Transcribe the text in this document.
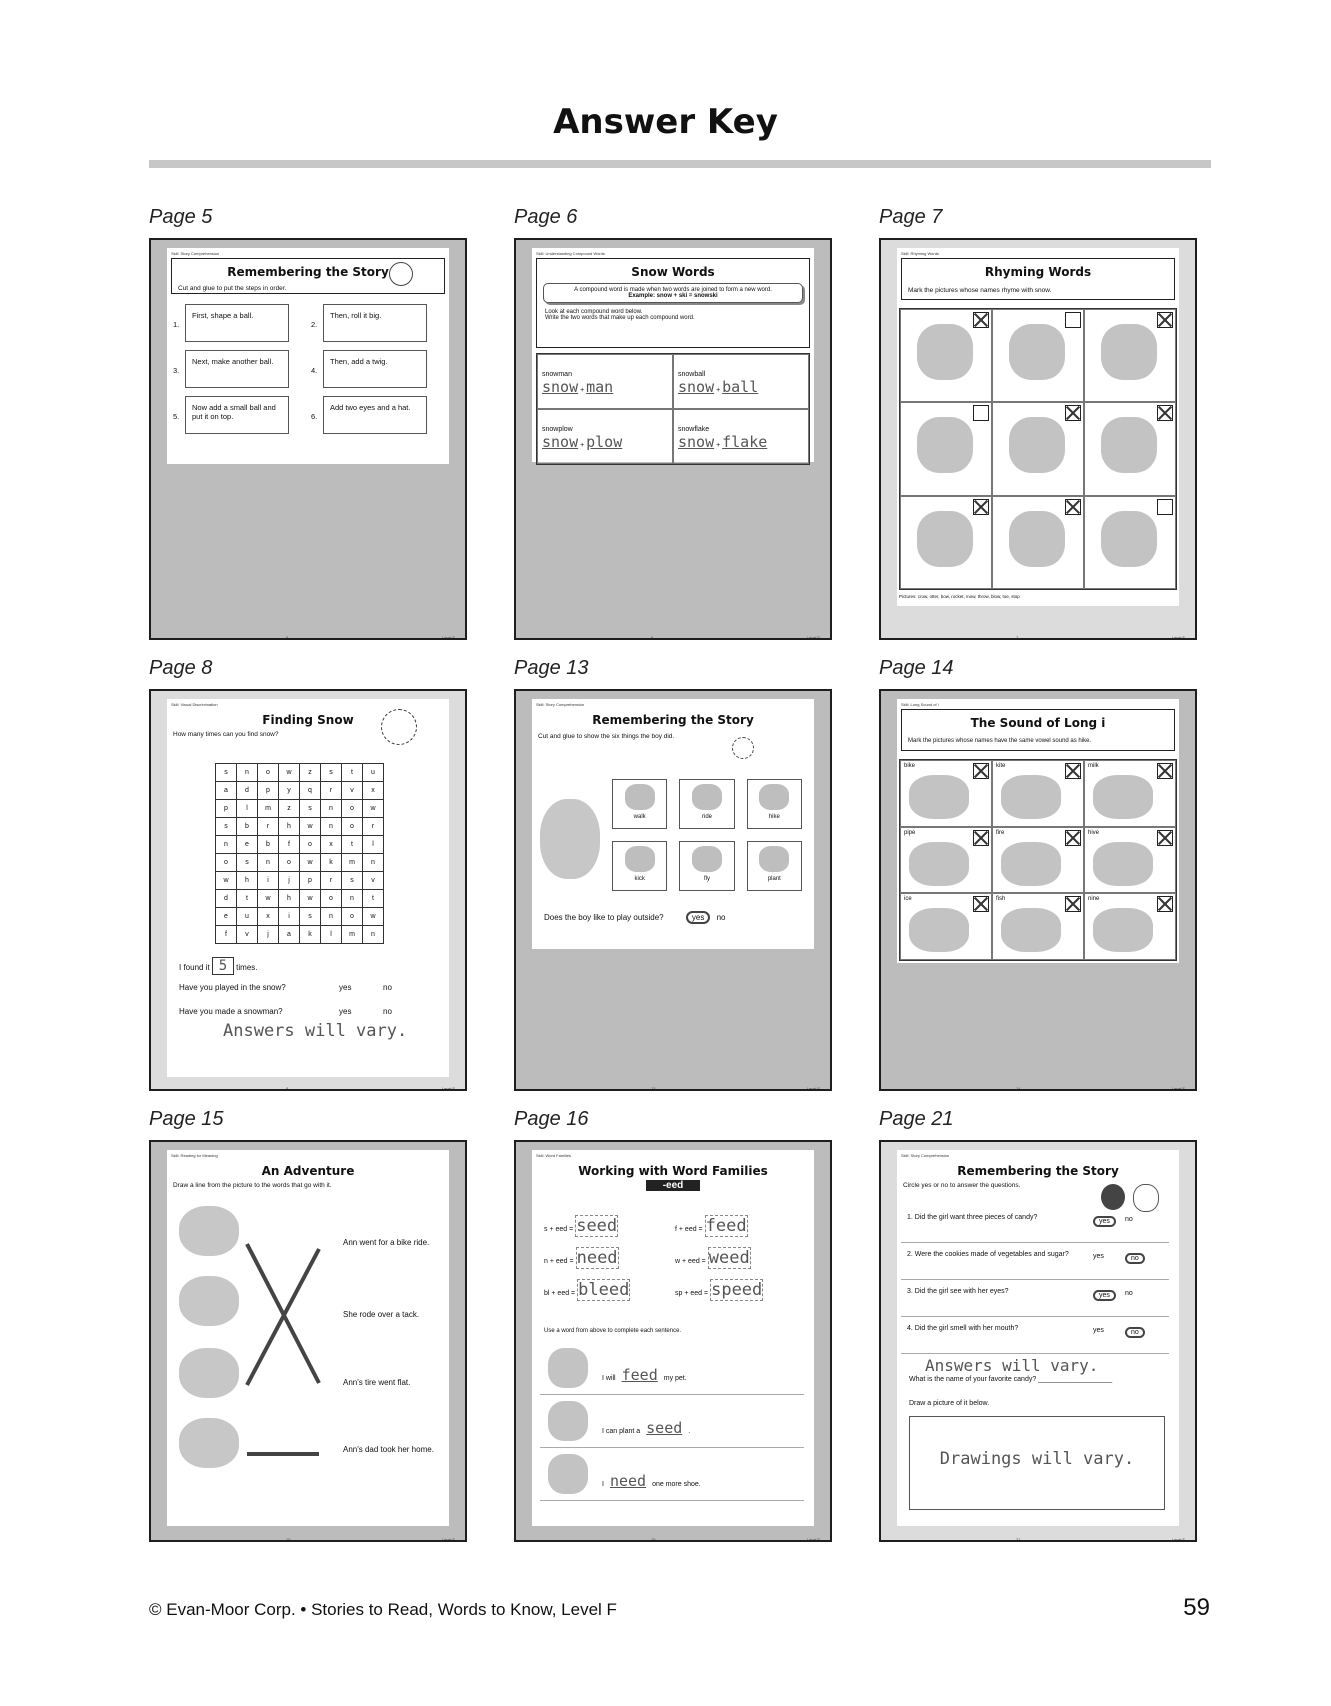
Answer Key
Page 5
Skill: Story Comprehension
Remembering the Story
Cut and glue to put the steps in order.
1.
First, shape a ball.
2.
Then, roll it big.
3.
Next, make another ball.
4.
Then, add a twig.
5.
Now add a small ball and put it on top.	6.
Add two eyes and a hat.
5	Level F
Page 6
Skill: Understanding Compound Words
Snow Words
A compound word is made when two words are joined to form a new word.
Example: snow + ski = snowski
Look at each compound word below.
Write the two words that make up each compound word.
snowman
snow + man
snowball
snow + ball
snowplow
snow + plow
snowflake
snow + flake
6	Level F
Page 7
Skill: Rhyming Words
Rhyming Words
Mark the pictures whose names rhyme with snow.
Pictures: crow, otter, bow, rocket, mow, throw, blow, toe, stop
7	Level F
Page 8
Skill: Visual Discrimination
Finding Snow
How many times can you find snow?
s	n	o	w	z	s	t	u
a	d	p	y	q	r	v	x
p	l	m	z	s	n	o	w
s	b	r	h	w	n	o	r
n	e	b	f	o	x	t	l
o	s	n	o	w	k	m	n
w	h	i	j	p	r	s	v
d	t	w	h	w	o	n	t
e	u	x	i	s	n	o	w
f	v	j	a	k	l	m	n
I found it 5 times.
Have you played in the snow?	yes	no
Have you made a snowman?	yes	no
Answers will vary.
8	Level F
Page 13
Skill: Story Comprehension
Remembering the Story
Cut and glue to show the six things the boy did.
walk	ride	hike
kick	fly	plant
Does the boy like to play outside?	yes no
13	Level F
Page 14
Skill: Long Sound of i
The Sound of Long i
Mark the pictures whose names have the same vowel sound as hike.
bike	kite	milk
pipe	fire	hive
ice	fish	nine
14	Level F
Page 15
Skill: Reading for Meaning
An Adventure
Draw a line from the picture to the words that go with it.
Ann went for a bike ride.
She rode over a tack.
Ann's tire went flat.
Ann's dad took her home.
15	Level F
Page 16
Skill: Word Families
Working with Word Families
-eed
s + eed = seed	f + eed = feed
n + eed = need	w + eed = weed
bl + eed = bleed	sp + eed = speed
Use a word from above to complete each sentence.
I will feed my pet.
I can plant a seed .
I need one more shoe.
16	Level F
Page 21
Skill: Story Comprehension
Remembering the Story
Circle yes or no to answer the questions.
1. Did the girl want three pieces of candy?
yes	no
2. Were the cookies made of vegetables and sugar?	yes	no
3. Did the girl see with her eyes?
yes	no
4. Did the girl smell with her mouth?	yes	no
Answers will vary.
What is the name of your favorite candy? ___________________
Draw a picture of it below.
Drawings will vary.
21	Level F
© Evan-Moor Corp. • Stories to Read, Words to Know, Level F	59
